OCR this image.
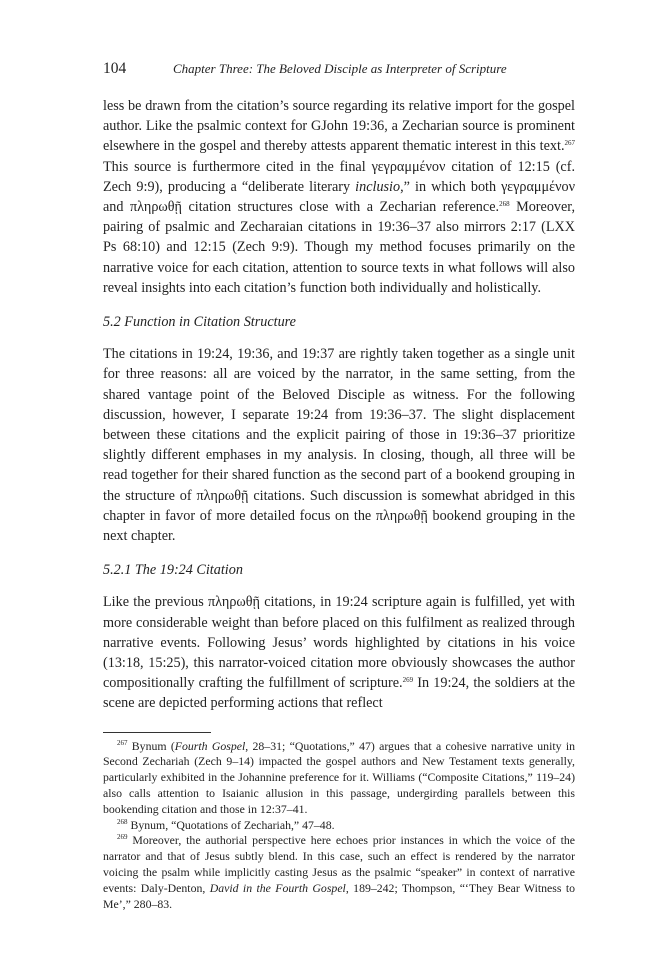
104	Chapter Three: The Beloved Disciple as Interpreter of Scripture

less be drawn from the citation’s source regarding its relative import for the gospel author. Like the psalmic context for GJohn 19:36, a Zecharian source is prominent elsewhere in the gospel and thereby attests apparent thematic interest in this text.$^{267}$ This source is furthermore cited in the final γεγραμμένον citation of 12:15 (cf. Zech 9:9), producing a “deliberate literary inclusio,” in which both γεγραμμένον and πληρωθῇ citation structures close with a Zecharian reference.$^{268}$ Moreover, pairing of psalmic and Zecharaian citations in 19:36–37 also mirrors 2:17 (LXX Ps 68:10) and 12:15 (Zech 9:9). Though my method focuses primarily on the narrative voice for each citation, attention to source texts in what follows will also reveal insights into each citation’s function both individually and holistically.

5.2 Function in Citation Structure

The citations in 19:24, 19:36, and 19:37 are rightly taken together as a single unit for three reasons: all are voiced by the narrator, in the same setting, from the shared vantage point of the Beloved Disciple as witness. For the following discussion, however, I separate 19:24 from 19:36–37. The slight displacement between these citations and the explicit pairing of those in 19:36–37 prioritize slightly different emphases in my analysis. In closing, though, all three will be read together for their shared function as the second part of a bookend grouping in the structure of πληρωθῇ citations. Such discussion is somewhat abridged in this chapter in favor of more detailed focus on the πληρωθῇ bookend grouping in the next chapter.

5.2.1 The 19:24 Citation

Like the previous πληρωθῇ citations, in 19:24 scripture again is fulfilled, yet with more considerable weight than before placed on this fulfilment as realized through narrative events. Following Jesus’ words highlighted by citations in his voice (13:18, 15:25), this narrator-voiced citation more obviously showcases the author compositionally crafting the fulfillment of scripture.$^{269}$ In 19:24, the soldiers at the scene are depicted performing actions that reflect

$^{267}$ Bynum (Fourth Gospel, 28–31; “Quotations,” 47) argues that a cohesive narrative unity in Second Zechariah (Zech 9–14) impacted the gospel authors and New Testament texts generally, particularly exhibited in the Johannine preference for it. Williams (“Composite Citations,” 119–24) also calls attention to Isaianic allusion in this passage, undergirding parallels between this bookending citation and those in 12:37–41.

$^{268}$ Bynum, “Quotations of Zechariah,” 47–48.

$^{269}$ Moreover, the authorial perspective here echoes prior instances in which the voice of the narrator and that of Jesus subtly blend. In this case, such an effect is rendered by the narrator voicing the psalm while implicitly casting Jesus as the psalmic “speaker” in context of narrative events: Daly-Denton, David in the Fourth Gospel, 189–242; Thompson, “‘They Bear Witness to Me’,” 280–83.
